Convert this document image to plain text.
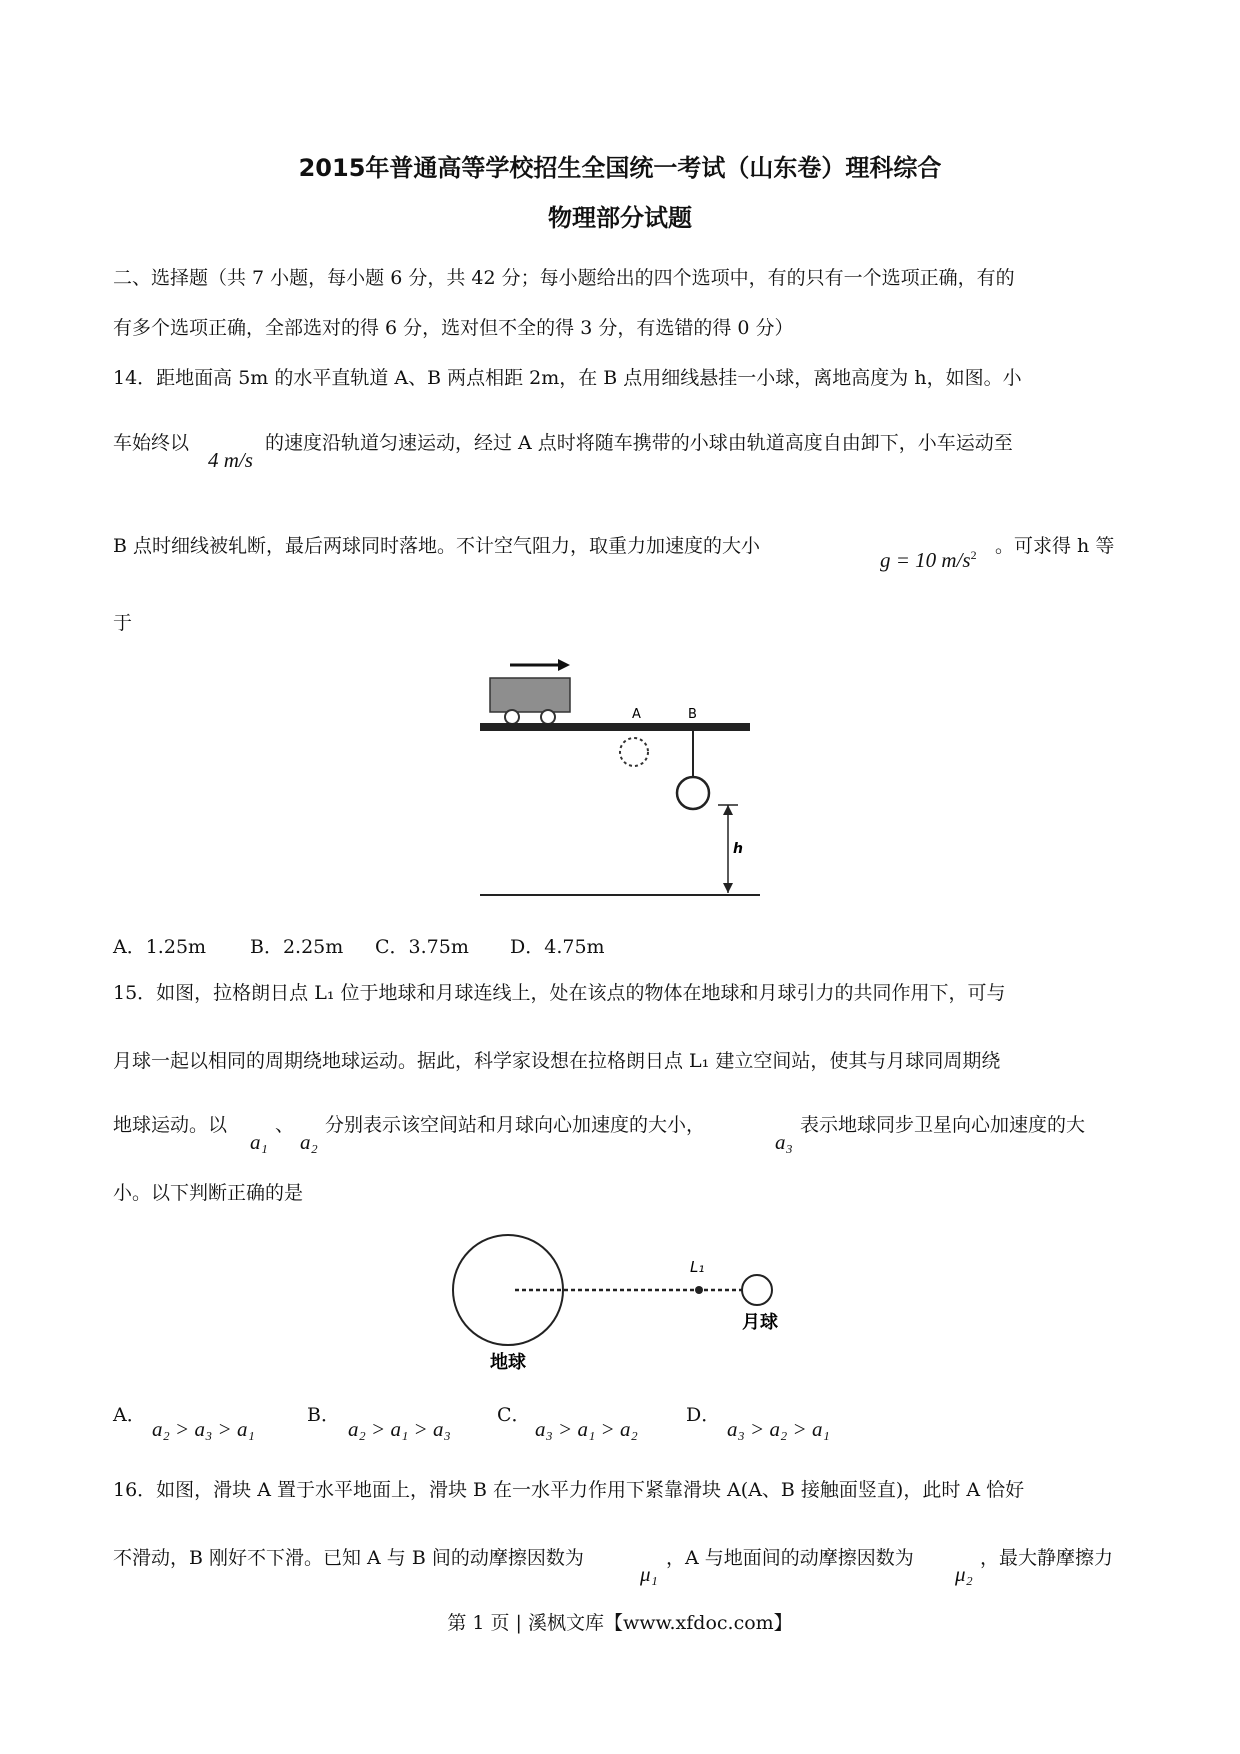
2015年普通高等学校招生全国统一考试（山东卷）理科综合
物理部分试题
二、选择题（共 7 小题，每小题 6 分，共 42 分；每小题给出的四个选项中，有的只有一个选项正确，有的
有多个选项正确，全部选对的得 6 分，选对但不全的得 3 分，有选错的得 0 分）
14．距地面高 5m 的水平直轨道 A、B 两点相距 2m，在 B 点用细线悬挂一小球，离地高度为 h，如图。小
车始终以
4 m/s
的速度沿轨道匀速运动，经过 A 点时将随车携带的小球由轨道高度自由卸下，小车运动至
B 点时细线被轧断，最后两球同时落地。不计空气阻力，取重力加速度的大小
g = 10 $m/s^2$ 。可求得 h 等
于
A	B
h
A．1.25m B．2.25m C．3.75m D．4.75m
15．如图，拉格朗日点 L₁ 位于地球和月球连线上，处在该点的物体在地球和月球引力的共同作用下，可与
月球一起以相同的周期绕地球运动。据此，科学家设想在拉格朗日点 L₁ 建立空间站，使其与月球同周期绕
地球运动。以
a₁
、
a₂
分别表示该空间站和月球向心加速度的大小，
a₃
表示地球同步卫星向心加速度的大
小。以下判断正确的是
L₁
月球
地球
A．
a₂ > a₃ > a₁
B．
a₂ > a₁ > a₃
C．
a₃ > a₁ > a₂
D．
a₃ > a₂ > a₁
16．如图，滑块 A 置于水平地面上，滑块 B 在一水平力作用下紧靠滑块 A(A、B 接触面竖直)，此时 A 恰好
不滑动，B 刚好不下滑。已知 A 与 B 间的动摩擦因数为
μ₁
，A 与地面间的动摩擦因数为
μ₂
，最大静摩擦力
第 1 页 | 溪枫文库【www.xfdoc.com】
